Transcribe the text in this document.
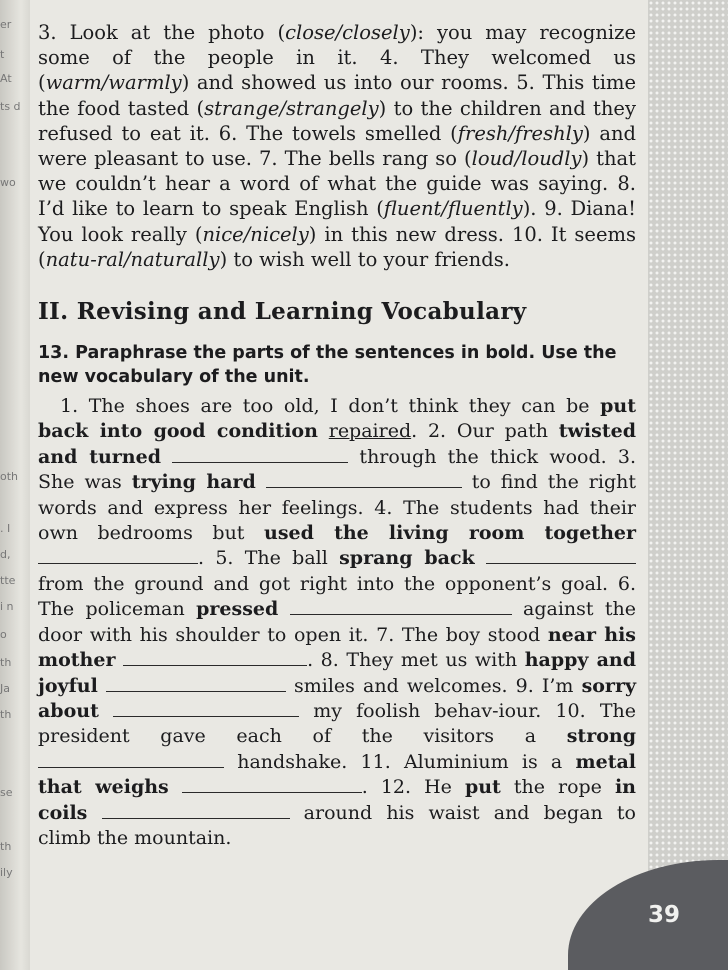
er
t
At
ts d
wo
oth
. I
d,
tte
i n
o
th
Ja
th
se
th
ily
39

3. Look at the photo (close/closely): you may recognize some of the people in it. 4. They welcomed us (warm/warmly) and showed us into our rooms. 5. This time the food tasted (strange/strangely) to the children and they refused to eat it. 6. The towels smelled (fresh/freshly) and were pleasant to use. 7. The bells rang so (loud/loudly) that we couldn’t hear a word of what the guide was saying. 8. I’d like to learn to speak English (fluent/fluently). 9. Diana! You look really (nice/nicely) in this new dress. 10. It seems (natu-ral/naturally) to wish well to your friends.

II. Revising and Learning Vocabulary

13. Paraphrase the parts of the sentences in bold. Use the new vocabulary of the unit.

1. The shoes are too old, I don’t think they can be put back into good condition repaired. 2. Our path twisted and turned	through the thick wood. 3. She was trying hard	to find the right words and express her feelings. 4. The students had their own bedrooms but used the living room together . 5. The ball sprang back  from the ground and got right into the opponent’s goal. 6. The policeman pressed	against the door with his shoulder to open it. 7. The boy stood near his mother	. 8. They met us with happy and joyful	smiles and welcomes. 9. I’m sorry about	my foolish behav-iour. 10. The president gave each of the visitors a strong  handshake. 11. Aluminium is a metal that weighs	. 12. He put the rope in coils	around his waist and began to climb the mountain.
